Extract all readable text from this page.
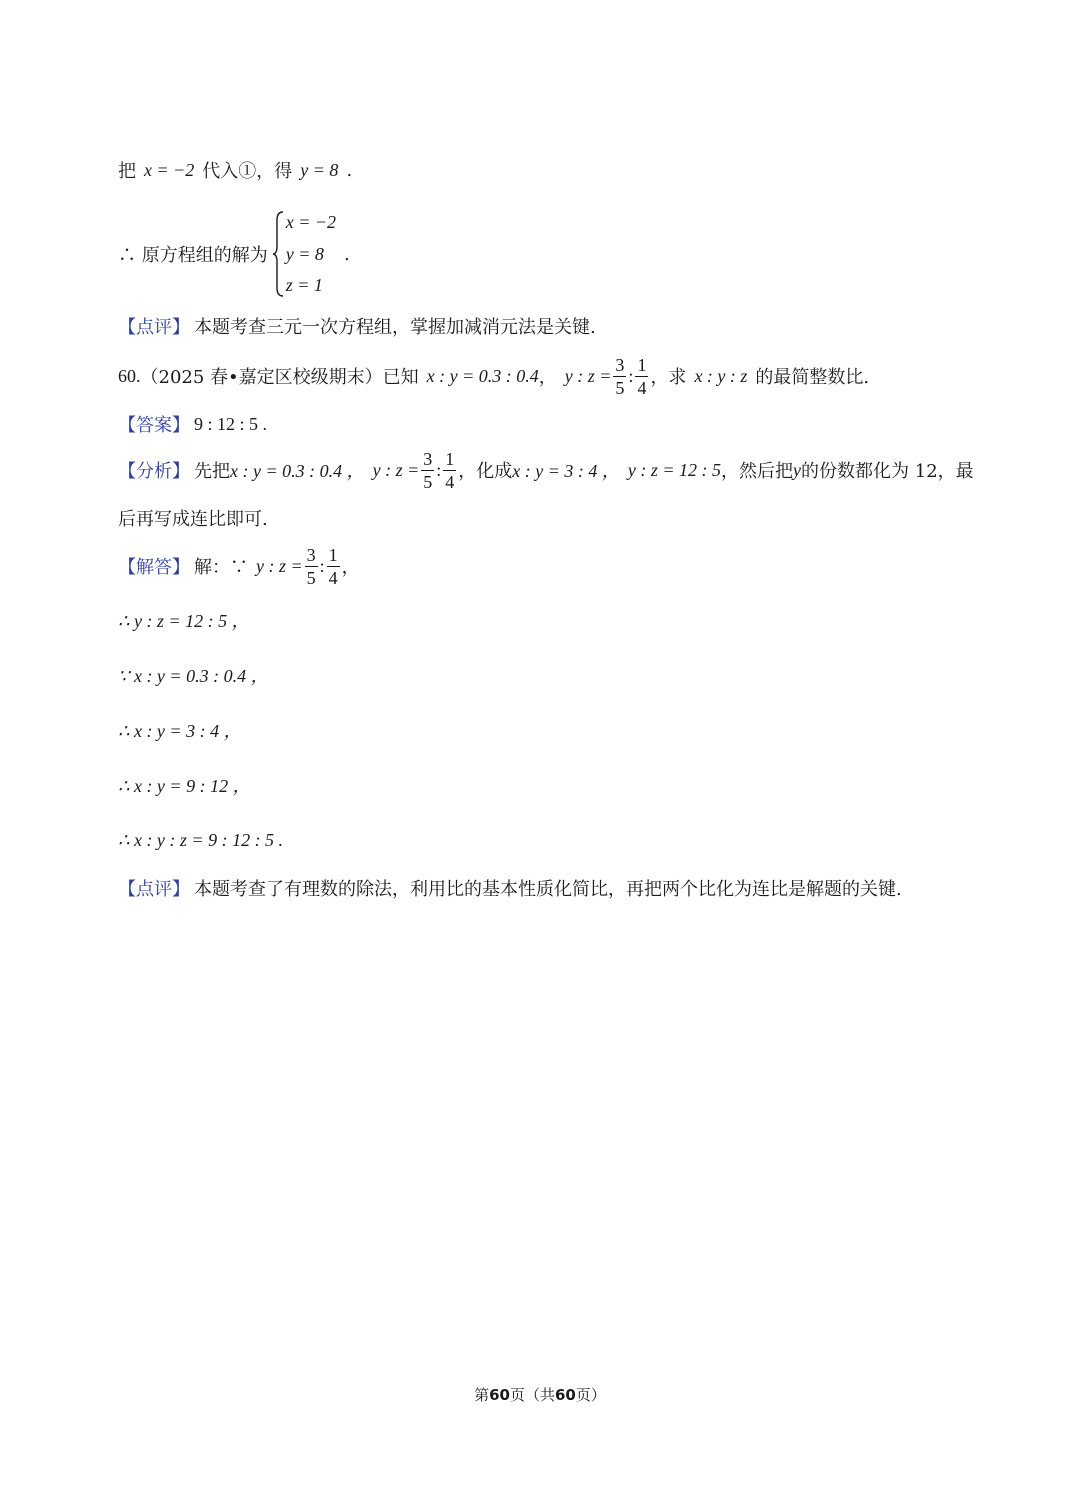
把 x = −2 代入①，得 y = 8 .
∴ 原方程组的解为
x = −2
y = 8
z = 1
.
【点评】 本题考查三元一次方程组，掌握加减消元法是关键.
60. （2025 春•嘉定区校级期末）已知 x : y = 0.3 : 0.4 ， y : $z = \frac{3}{5}$ : $\frac{1}{4}$ ，求 x : y : z 的最简整数比.
【答案】 9 : 12 : 5 .
【分析】 先把 x : y = 0.3 : 0.4 ， y : $z = \frac{3}{5}$ : $\frac{1}{4}$ ，化成 x : y = 3 : 4 ， y : z = 12 : 5 ，然后把 y 的份数都化为 12，最
后再写成连比即可.
【解答】 解：∵ y : $z = \frac{3}{5}$ : $\frac{1}{4}$ ，
∴ y : z = 12 : 5 ，
∵ x : y = 0.3 : 0.4 ，
∴ x : y = 3 : 4 ，
∴ x : y = 9 : 12 ，
∴ x : y : z = 9 : 12 : 5 .
【点评】 本题考查了有理数的除法，利用比的基本性质化简比，再把两个比化为连比是解题的关键.
第60页（共60页）
